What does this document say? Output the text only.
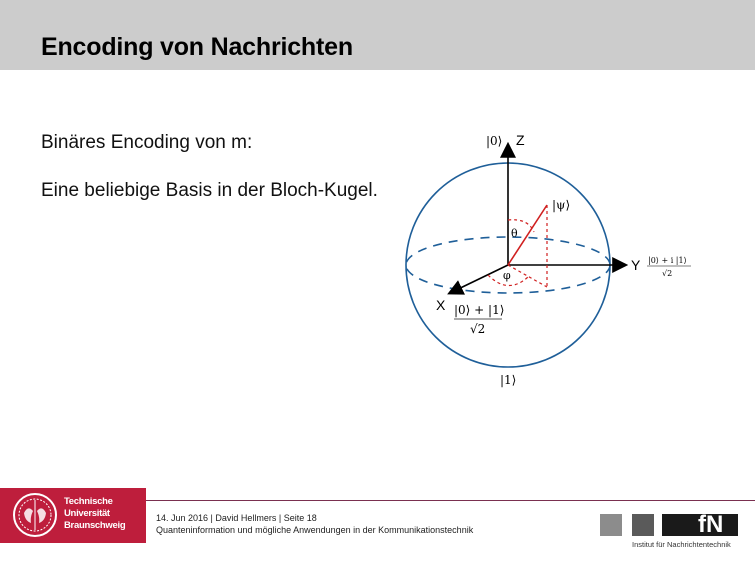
Encoding von Nachrichten
Binäres Encoding von m:
Eine beliebige Basis in der Bloch-Kugel.
|0⟩ Z
|ψ⟩
θ
φ
Y |0⟩ + i |1⟩
√2
X |0⟩ + |1⟩
√2
|1⟩
Technische
Universität
Braunschweig
14. Jun 2016 | David Hellmers | Seite 18
Quanteninformation und mögliche Anwendungen in der Kommunikationstechnik	fN
Institut für Nachrichtentechnik
